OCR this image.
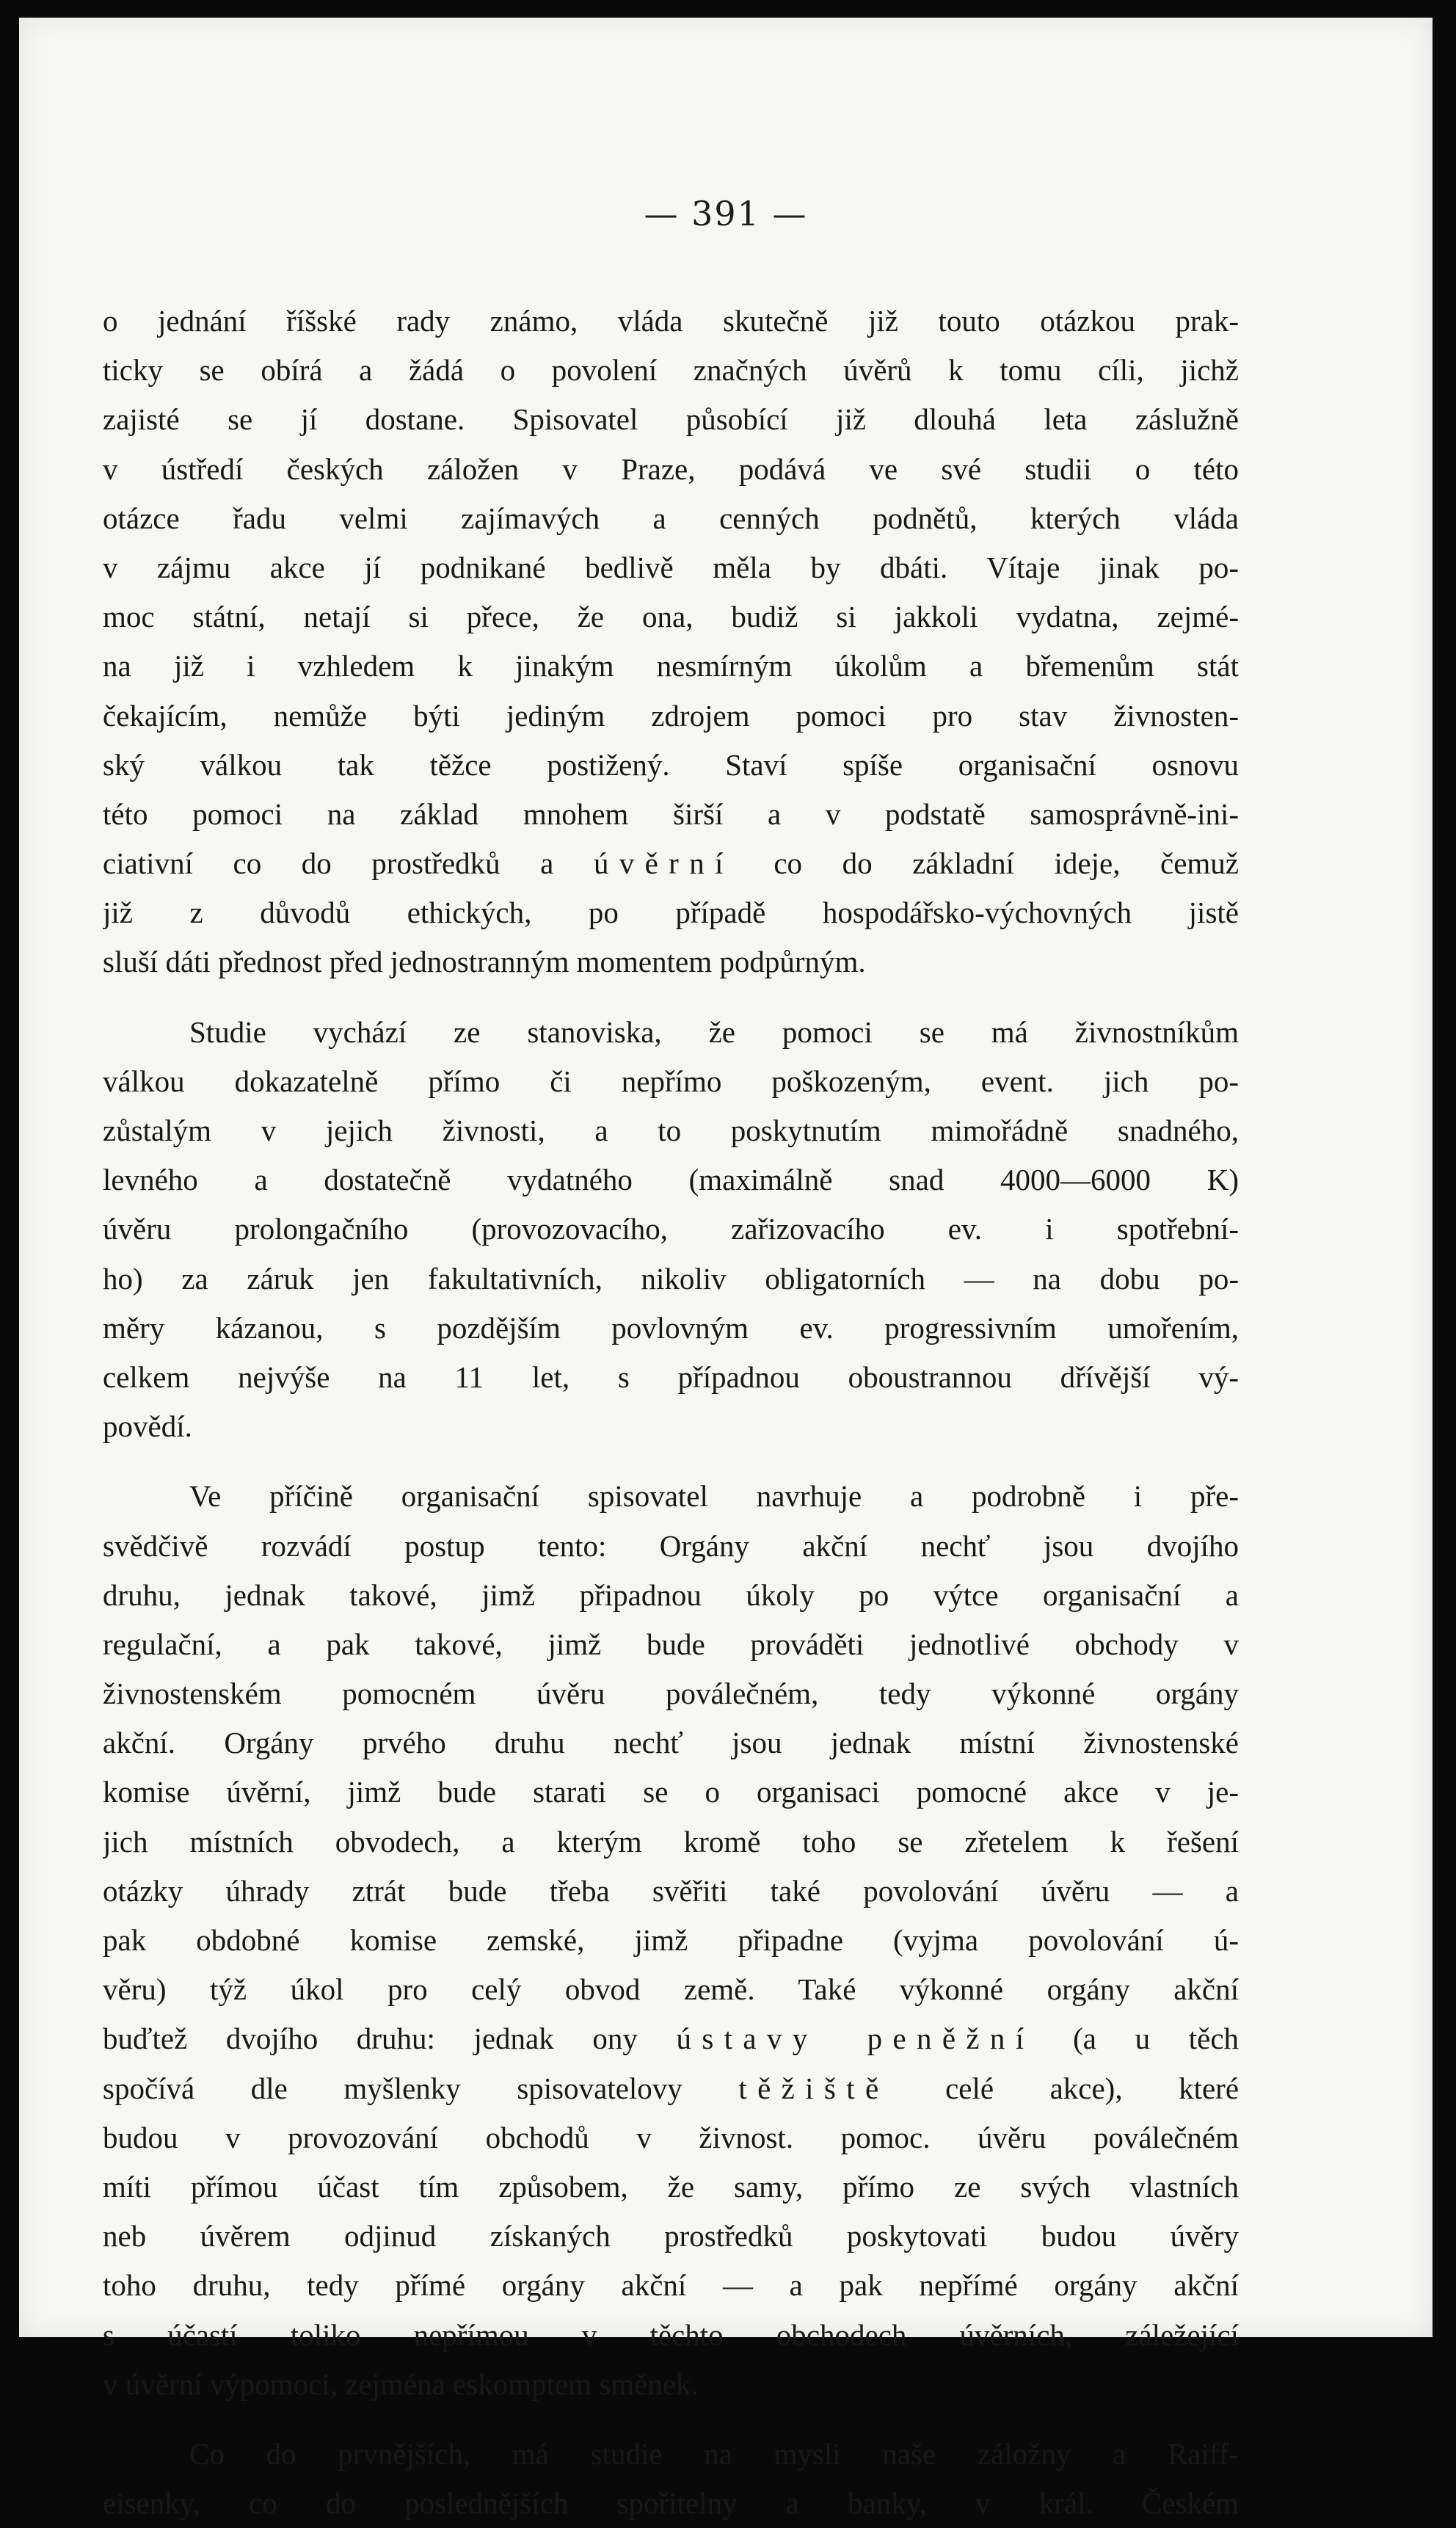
— 391 —
o jednání říšské rady známo, vláda skutečně již touto otázkou prak-
ticky se obírá a žádá o povolení značných úvěrů k tomu cíli, jichž
zajisté se jí dostane. Spisovatel působící již dlouhá leta záslužně
v ústředí českých záložen v Praze, podává ve své studii o této
otázce řadu velmi zajímavých a cenných podnětů, kterých vláda
v zájmu akce jí podnikané bedlivě měla by dbáti. Vítaje jinak po-
moc státní, netají si přece, že ona, budiž si jakkoli vydatna, zejmé-
na již i vzhledem k jinakým nesmírným úkolům a břemenům stát
čekajícím, nemůže býti jediným zdrojem pomoci pro stav živnosten-
ský válkou tak těžce postižený. Staví spíše organisační osnovu
této pomoci na základ mnohem širší a v podstatě samosprávně-ini-
ciativní co do prostředků a úvěrní co do základní ideje, čemuž
již z důvodů ethických, po případě hospodářsko-výchovných jistě
sluší dáti přednost před jednostranným momentem podpůrným.
Studie vychází ze stanoviska, že pomoci se má živnostníkům
válkou dokazatelně přímo či nepřímo poškozeným, event. jich po-
zůstalým v jejich živnosti, a to poskytnutím mimořádně snadného,
levného a dostatečně vydatného (maximálně snad 4000—6000 K)
úvěru prolongačního (provozovacího, zařizovacího ev. i spotřební-
ho) za záruk jen fakultativních, nikoliv obligatorních — na dobu po-
měry kázanou, s pozdějším povlovným ev. progressivním umořením,
celkem nejvýše na 11 let, s případnou oboustrannou dřívější vý-
povědí.
Ve příčině organisační spisovatel navrhuje a podrobně i pře-
svědčivě rozvádí postup tento: Orgány akční nechť jsou dvojího
druhu, jednak takové, jimž připadnou úkoly po výtce organisační a
regulační, a pak takové, jimž bude prováděti jednotlivé obchody v
živnostenském pomocném úvěru poválečném, tedy výkonné orgány
akční. Orgány prvého druhu nechť jsou jednak místní živnostenské
komise úvěrní, jimž bude starati se o organisaci pomocné akce v je-
jich místních obvodech, a kterým kromě toho se zřetelem k řešení
otázky úhrady ztrát bude třeba svěřiti také povolování úvěru — a
pak obdobné komise zemské, jimž připadne (vyjma povolování ú-
věru) týž úkol pro celý obvod země. Také výkonné orgány akční
buďtež dvojího druhu: jednak ony ústavy peněžní (a u těch
spočívá dle myšlenky spisovatelovy těžiště celé akce), které
budou v provozování obchodů v živnost. pomoc. úvěru poválečném
míti přímou účast tím způsobem, že samy, přímo ze svých vlastních
neb úvěrem odjinud získaných prostředků poskytovati budou úvěry
toho druhu, tedy přímé orgány akční — a pak nepřímé orgány akční
s účastí toliko nepřímou v těchto obchodech úvěrních, záležející
v úvěrní výpomoci, zejména eskomptem směnek.
Co do prvnějších, má studie na mysli naše záložny a Raiff-
eisenky, co do poslednějších spořitelny a banky, v král. Českém
